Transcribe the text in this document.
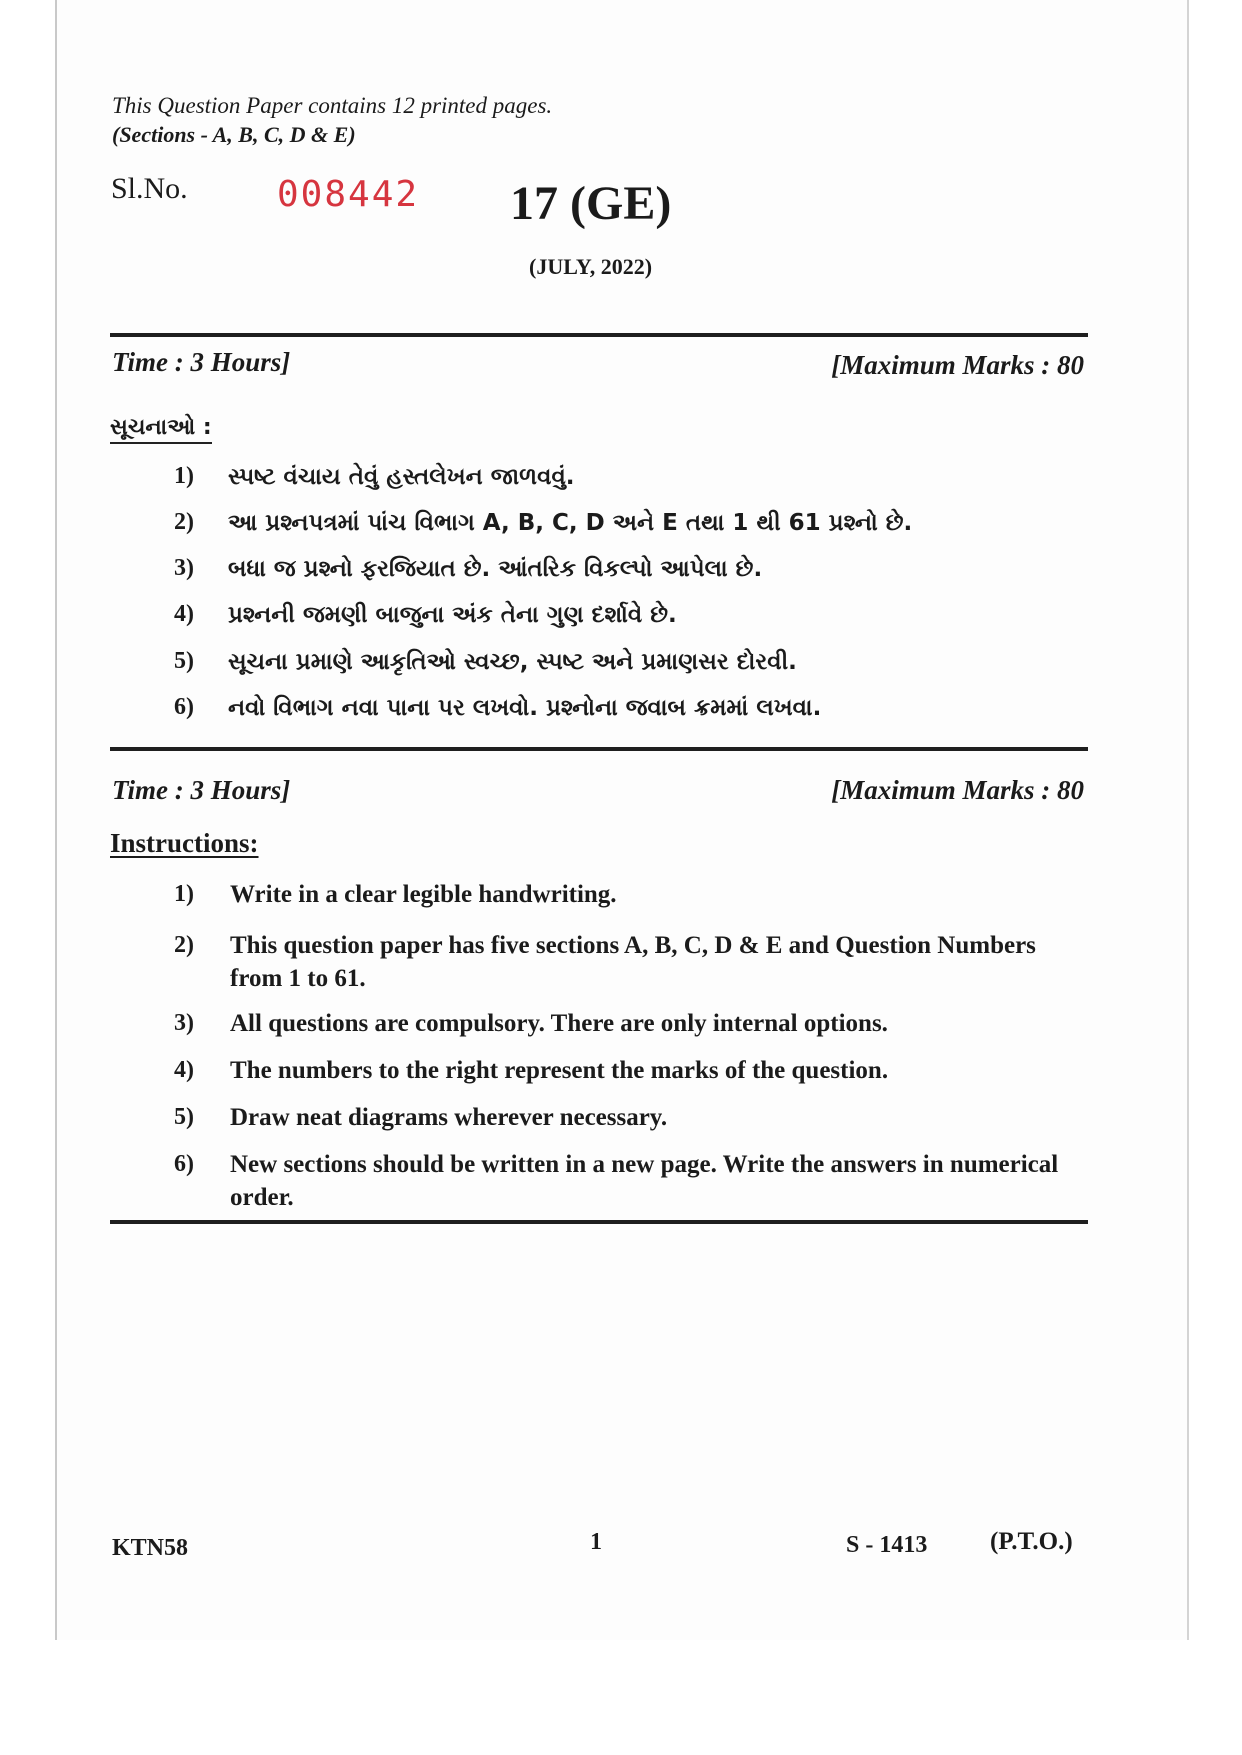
This Question Paper contains 12 printed pages.
(Sections - A, B, C, D & E)
Sl.No. 008442 17 (GE)
(JULY, 2022)
Time : 3 Hours]	[Maximum Marks : 80
સૂચનાઓ :
1) સ્પષ્ટ વંચાય તેવું હસ્તલેખન જાળવવું.
2) આ પ્રશ્નપત્રમાં પાંચ વિભાગ A, B, C, D અને E તથા 1 થી 61 પ્રશ્નો છે.
3) બધા જ પ્રશ્નો ફરજિયાત છે. આંતરિક વિકલ્પો આપેલા છે.
4) પ્રશ્નની જમણી બાજુના અંક તેના ગુણ દર્શાવે છે.
5) સૂચના પ્રમાણે આકૃતિઓ સ્વચ્છ, સ્પષ્ટ અને પ્રમાણસર દોરવી.
6) નવો વિભાગ નવા પાના પર લખવો. પ્રશ્નોના જવાબ ક્રમમાં લખવા.
Time : 3 Hours]	[Maximum Marks : 80
Instructions:
1) Write in a clear legible handwriting.
2) This question paper has five sections A, B, C, D & E and Question Numbers from 1 to 61.
3) All questions are compulsory. There are only internal options.
4) The numbers to the right represent the marks of the question.
5) Draw neat diagrams wherever necessary.
6) New sections should be written in a new page. Write the answers in numerical order.
KTN58	1	S - 1413	(P.T.O.)
